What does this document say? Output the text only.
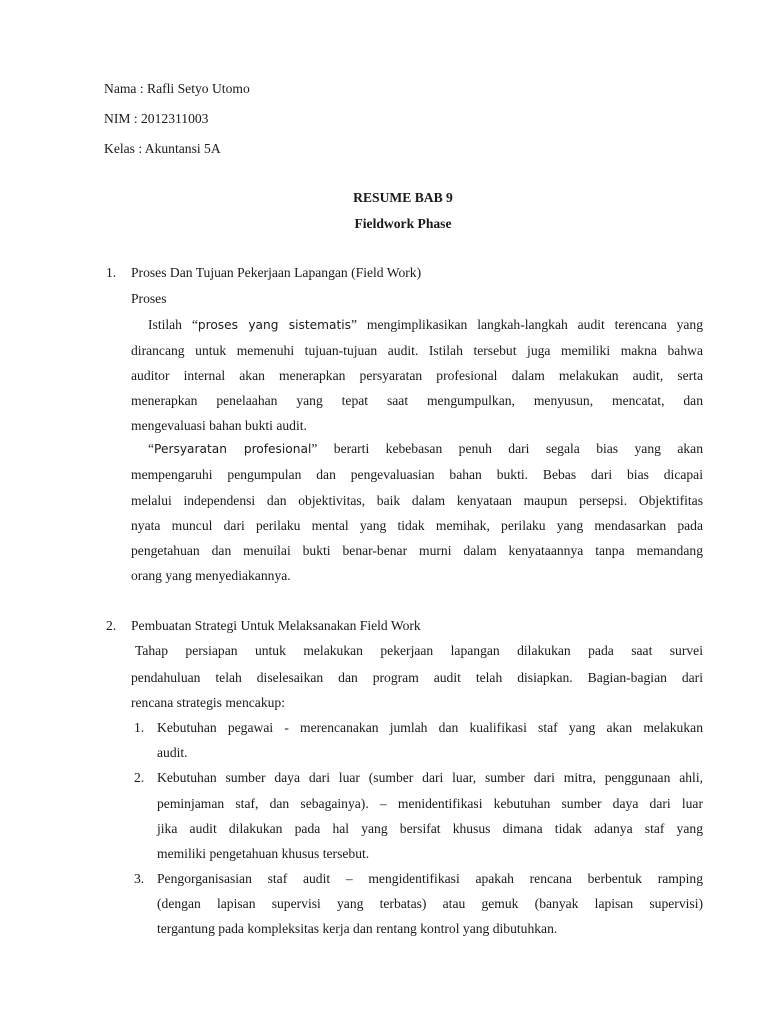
Nama : Rafli Setyo Utomo
NIM : 2012311003
Kelas : Akuntansi 5A
RESUME BAB 9
Fieldwork Phase
1. Proses Dan Tujuan Pekerjaan Lapangan (Field Work)
Proses
Istilah “proses yang sistematis” mengimplikasikan langkah-langkah audit terencana yang
dirancang untuk memenuhi tujuan-tujuan audit. Istilah tersebut juga memiliki makna bahwa
auditor internal akan menerapkan persyaratan profesional dalam melakukan audit, serta
menerapkan penelaahan yang tepat saat mengumpulkan, menyusun, mencatat, dan
mengevaluasi bahan bukti audit.
“Persyaratan profesional” berarti kebebasan penuh dari segala bias yang akan
mempengaruhi pengumpulan dan pengevaluasian bahan bukti. Bebas dari bias dicapai
melalui independensi dan objektivitas, baik dalam kenyataan maupun persepsi. Objektifitas
nyata muncul dari perilaku mental yang tidak memihak, perilaku yang mendasarkan pada
pengetahuan dan menuilai bukti benar-benar murni dalam kenyataannya tanpa memandang
orang yang menyediakannya.
2. Pembuatan Strategi Untuk Melaksanakan Field Work
Tahap persiapan untuk melakukan pekerjaan lapangan dilakukan pada saat survei
pendahuluan telah diselesaikan dan program audit telah disiapkan. Bagian-bagian dari
rencana strategis mencakup:
1. Kebutuhan pegawai - merencanakan jumlah dan kualifikasi staf yang akan melakukan
audit.
2. Kebutuhan sumber daya dari luar (sumber dari luar, sumber dari mitra, penggunaan ahli,
peminjaman staf, dan sebagainya). – menidentifikasi kebutuhan sumber daya dari luar
jika audit dilakukan pada hal yang bersifat khusus dimana tidak adanya staf yang
memiliki pengetahuan khusus tersebut.
3. Pengorganisasian staf audit – mengidentifikasi apakah rencana berbentuk ramping
(dengan lapisan supervisi yang terbatas) atau gemuk (banyak lapisan supervisi)
tergantung pada kompleksitas kerja dan rentang kontrol yang dibutuhkan.
